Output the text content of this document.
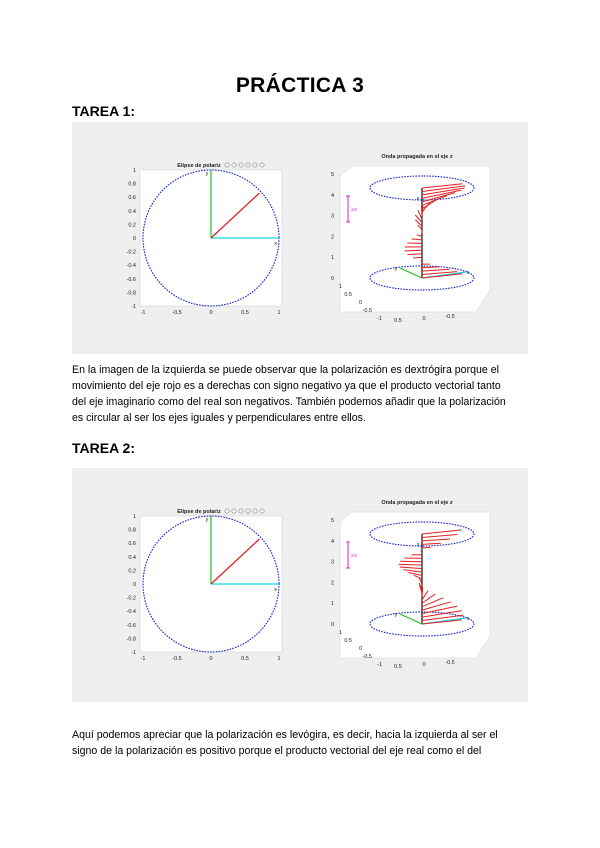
PRÁCTICA 3
TAREA 1:
Elipse de polariz
-1	-0.5	0	0.5	1
1
0.8
0.6
0.4
0.2
0
-0.2
-0.4
-0.6
-0.8
-1
x
y
Onda propagada en el eje z
5
4
3
2
1
0
0.5	0	-0.5
1
0.5
0
-0.5
-1
x
y
x
λ/2
En la imagen de la izquierda se puede observar que la polarización es dextrógira porque el
movimiento del eje rojo es a derechas con signo negativo ya que el producto vectorial tanto
del eje imaginario como del real son negativos. También podemos añadir que la polarización
es circular al ser los ejes iguales y perpendiculares entre ellos.
TAREA 2:
Elipse de polariz
-1	-0.5	0	0.5	1
1
0.8
0.6
0.4
0.2
0
-0.2
-0.4
-0.6
-0.8
-1
x
y
Onda propagada en el eje z
5
4
3
2
1
0
0.5	0	-0.5
1
0.5
0
-0.5
-1
x
y
x
λ/2
Aquí podemos apreciar que la polarización es levógira, es decir, hacia la izquierda al ser el
signo de la polarización es positivo porque el producto vectorial del eje real como el del
